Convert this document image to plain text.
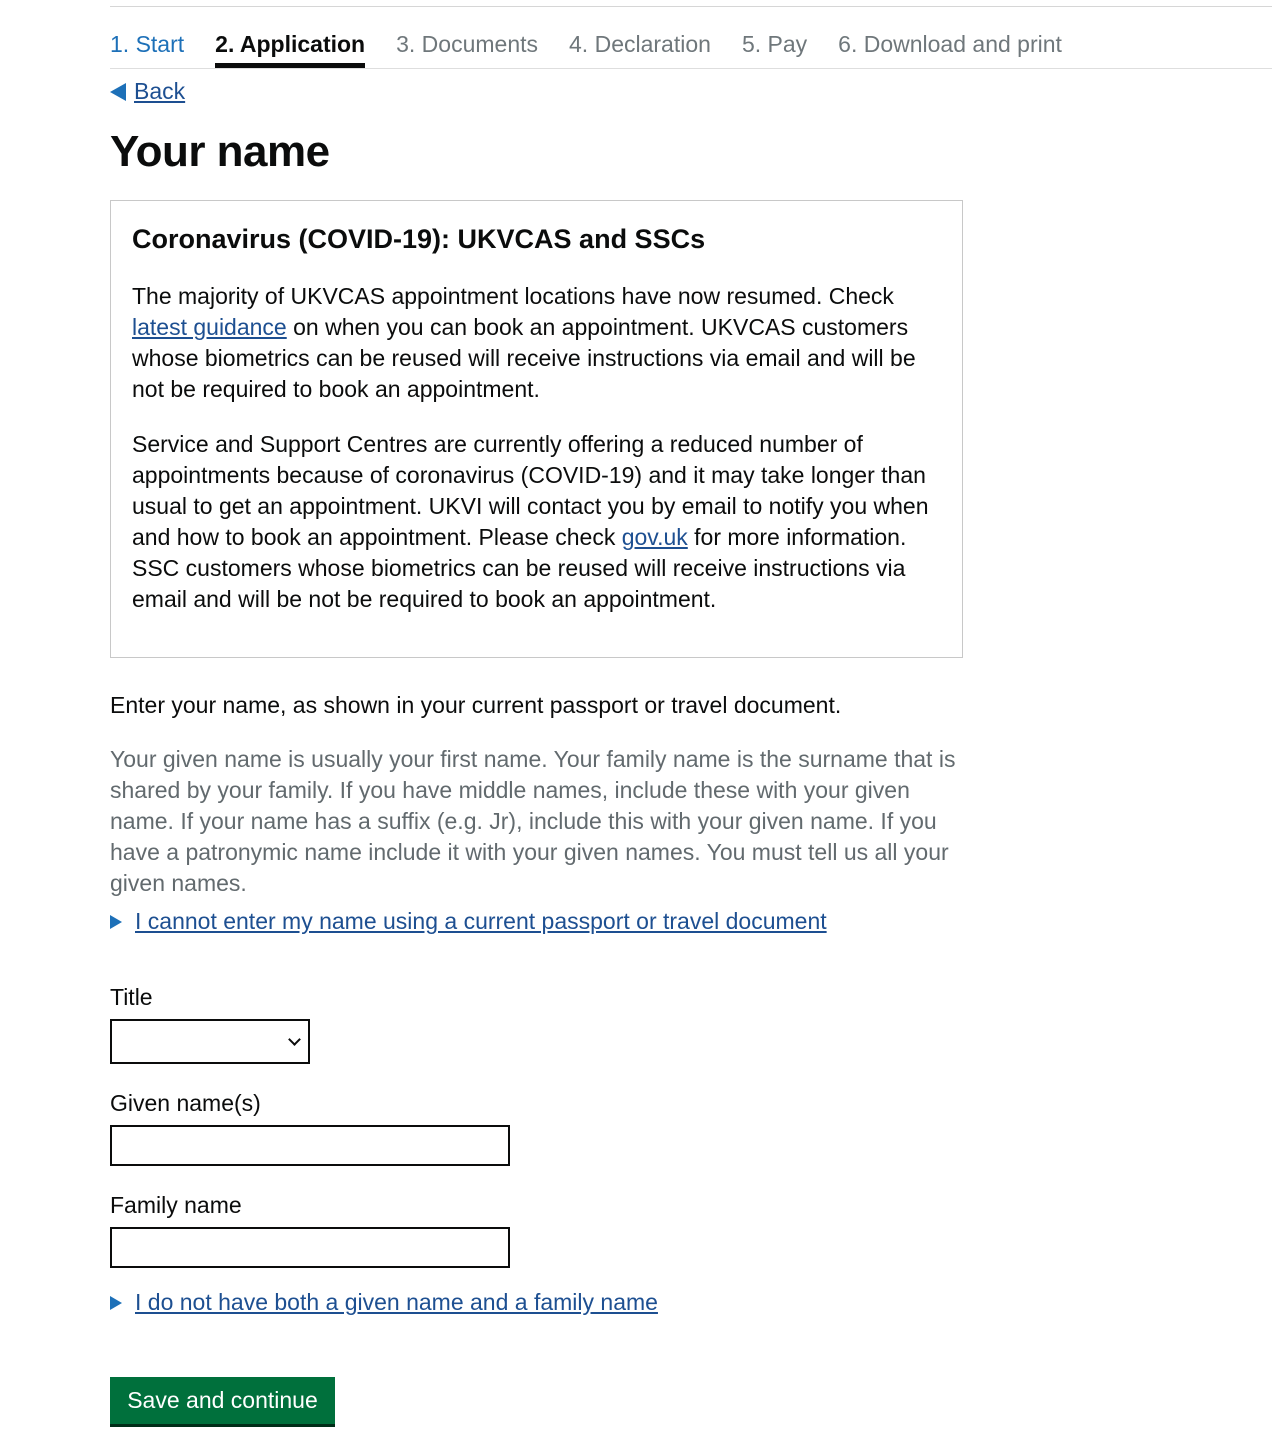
1. Start 2. Application 3. Documents 4. Declaration 5. Pay 6. Download and print
Back
Your name
Coronavirus (COVID-19): UKVCAS and SSCs

The majority of UKVCAS appointment locations have now resumed. Check latest guidance on when you can book an appointment. UKVCAS customers whose biometrics can be reused will receive instructions via email and will be not be required to book an appointment.

Service and Support Centres are currently offering a reduced number of appointments because of coronavirus (COVID-19) and it may take longer than usual to get an appointment. UKVI will contact you by email to notify you when and how to book an appointment. Please check gov.uk for more information. SSC customers whose biometrics can be reused will receive instructions via email and will be not be required to book an appointment.

Enter your name, as shown in your current passport or travel document.

Your given name is usually your first name. Your family name is the surname that is shared by your family. If you have middle names, include these with your given name. If your name has a suffix (e.g. Jr), include this with your given name. If you have a patronymic name include it with your given names. You must tell us all your given names.

I cannot enter my name using a current passport or travel document
Title
Given name(s)
Family name
I do not have both a given name and a family name
Save and continue
